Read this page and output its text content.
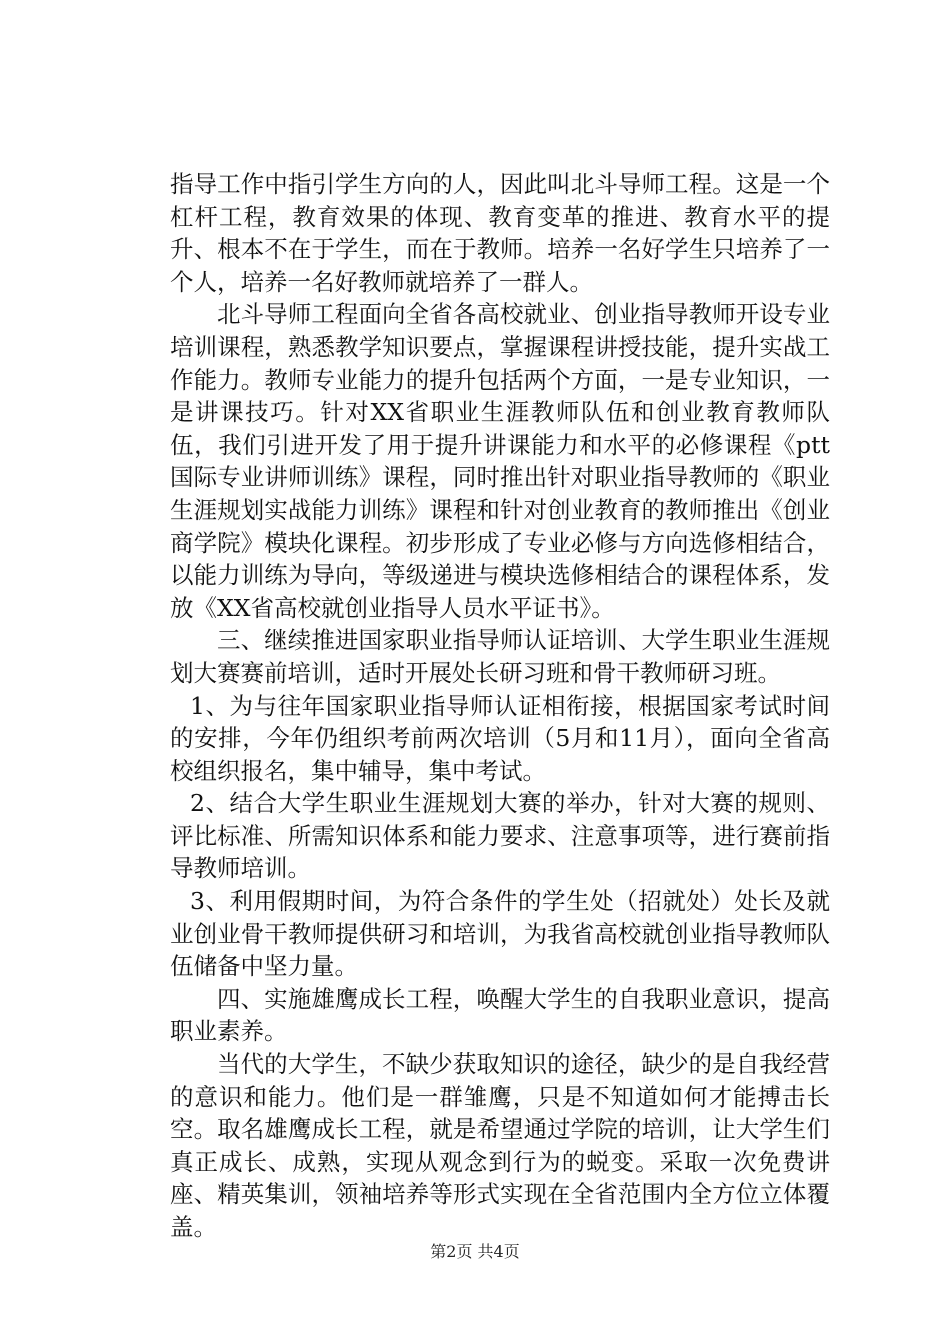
指导工作中指引学生方向的人，因此叫北斗导师工程。这是一个杠杆工程，教育效果的体现、教育变革的推进、教育水平的提升、根本不在于学生，而在于教师。培养一名好学生只培养了一个人，培养一名好教师就培养了一群人。

北斗导师工程面向全省各高校就业、创业指导教师开设专业培训课程，熟悉教学知识要点，掌握课程讲授技能，提升实战工作能力。教师专业能力的提升包括两个方面，一是专业知识，一是讲课技巧。针对XX省职业生涯教师队伍和创业教育教师队伍，我们引进开发了用于提升讲课能力和水平的必修课程《ptt国际专业讲师训练》课程，同时推出针对职业指导教师的《职业生涯规划实战能力训练》课程和针对创业教育的教师推出《创业商学院》模块化课程。初步形成了专业必修与方向选修相结合，以能力训练为导向，等级递进与模块选修相结合的课程体系，发放《XX省高校就创业指导人员水平证书》。

三、继续推进国家职业指导师认证培训、大学生职业生涯规划大赛赛前培训，适时开展处长研习班和骨干教师研习班。

1、为与往年国家职业指导师认证相衔接，根据国家考试时间的安排，今年仍组织考前两次培训（5月和11月），面向全省高校组织报名，集中辅导，集中考试。

2、结合大学生职业生涯规划大赛的举办，针对大赛的规则、评比标准、所需知识体系和能力要求、注意事项等，进行赛前指导教师培训。

3、利用假期时间，为符合条件的学生处（招就处）处长及就业创业骨干教师提供研习和培训，为我省高校就创业指导教师队伍储备中坚力量。

四、实施雄鹰成长工程，唤醒大学生的自我职业意识，提高职业素养。

当代的大学生，不缺少获取知识的途径，缺少的是自我经营的意识和能力。他们是一群雏鹰，只是不知道如何才能搏击长空。取名雄鹰成长工程，就是希望通过学院的培训，让大学生们真正成长、成熟，实现从观念到行为的蜕变。采取一次免费讲座、精英集训，领袖培养等形式实现在全省范围内全方位立体覆盖。

第2页 共4页
